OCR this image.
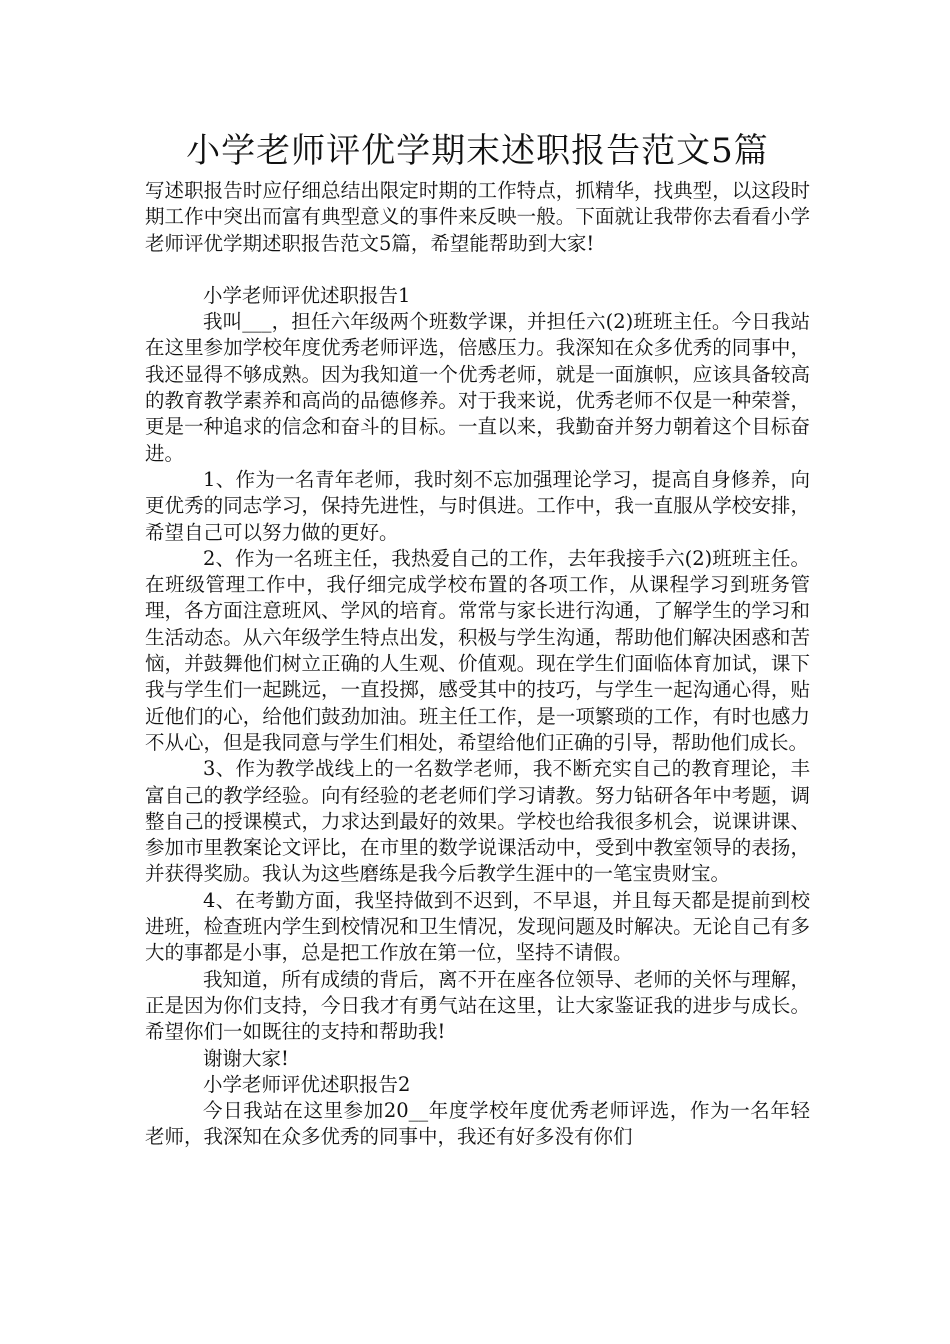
小学老师评优学期末述职报告范文5篇

写述职报告时应仔细总结出限定时期的工作特点，抓精华，找典型，以这段时期工作中突出而富有典型意义的事件来反映一般。下面就让我带你去看看小学老师评优学期述职报告范文5篇，希望能帮助到大家!

小学老师评优述职报告1

我叫___，担任六年级两个班数学课，并担任六(2)班班主任。今日我站在这里参加学校年度优秀老师评选，倍感压力。我深知在众多优秀的同事中，我还显得不够成熟。因为我知道一个优秀老师，就是一面旗帜，应该具备较高的教育教学素养和高尚的品德修养。对于我来说，优秀老师不仅是一种荣誉，更是一种追求的信念和奋斗的目标。一直以来，我勤奋并努力朝着这个目标奋进。

1、作为一名青年老师，我时刻不忘加强理论学习，提高自身修养，向更优秀的同志学习，保持先进性，与时俱进。工作中，我一直服从学校安排，希望自己可以努力做的更好。

2、作为一名班主任，我热爱自己的工作，去年我接手六(2)班班主任。在班级管理工作中，我仔细完成学校布置的各项工作，从课程学习到班务管理，各方面注意班风、学风的培育。常常与家长进行沟通，了解学生的学习和生活动态。从六年级学生特点出发，积极与学生沟通，帮助他们解决困惑和苦恼，并鼓舞他们树立正确的人生观、价值观。现在学生们面临体育加试，课下我与学生们一起跳远，一直投掷，感受其中的技巧，与学生一起沟通心得，贴近他们的心，给他们鼓劲加油。班主任工作，是一项繁琐的工作，有时也感力不从心，但是我同意与学生们相处，希望给他们正确的引导，帮助他们成长。

3、作为教学战线上的一名数学老师，我不断充实自己的教育理论，丰富自己的教学经验。向有经验的老老师们学习请教。努力钻研各年中考题，调整自己的授课模式，力求达到最好的效果。学校也给我很多机会，说课讲课、参加市里教案论文评比，在市里的数学说课活动中，受到中教室领导的表扬，并获得奖励。我认为这些磨练是我今后教学生涯中的一笔宝贵财宝。

4、在考勤方面，我坚持做到不迟到，不早退，并且每天都是提前到校进班，检查班内学生到校情况和卫生情况，发现问题及时解决。无论自己有多大的事都是小事，总是把工作放在第一位，坚持不请假。

我知道，所有成绩的背后，离不开在座各位领导、老师的关怀与理解，正是因为你们支持，今日我才有勇气站在这里，让大家鉴证我的进步与成长。希望你们一如既往的支持和帮助我!

谢谢大家!

小学老师评优述职报告2

今日我站在这里参加20__年度学校年度优秀老师评选，作为一名年轻老师，我深知在众多优秀的同事中，我还有好多没有你们
